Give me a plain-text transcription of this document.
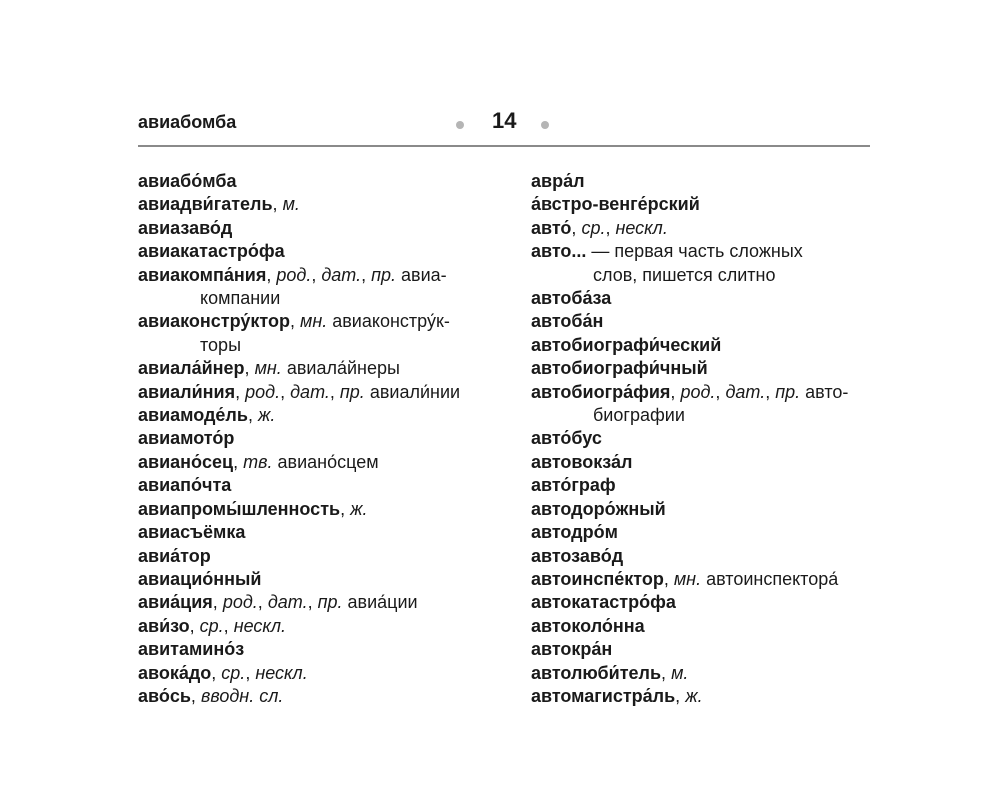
авиабомба	14
авиабо́мба
авиадви́гатель, м.
авиазаво́д
авиакатастро́фа
авиакомпа́ния, род., дат., пр. авиа-
компании
авиаконстру́ктор, мн. авиаконстру́к-
торы
авиала́йнер, мн. авиала́йнеры
авиали́ния, род., дат., пр. авиали́нии
авиамоде́ль, ж.
авиамото́р
авиано́сец, тв. авиано́сцем
авиапо́чта
авиапромы́шленность, ж.
авиасъёмка
авиа́тор
авиацио́нный
авиа́ция, род., дат., пр. авиа́ции
ави́зо, ср., нескл.
авитамино́з
авока́до, ср., нескл.
аво́сь, вводн. сл.
авра́л
а́встро-венге́рский
авто́, ср., нескл.
авто... — первая часть сложных
слов, пишется слитно
автоба́за
автоба́н
автобиографи́ческий
автобиографи́чный
автобиогра́фия, род., дат., пр. авто-
биографии
авто́бус
автовокза́л
авто́граф
автодоро́жный
автодро́м
автозаво́д
автоинспе́ктор, мн. автоинспектора́
автокатастро́фа
автоколо́нна
автокра́н
автолюби́тель, м.
автомагистра́ль, ж.
